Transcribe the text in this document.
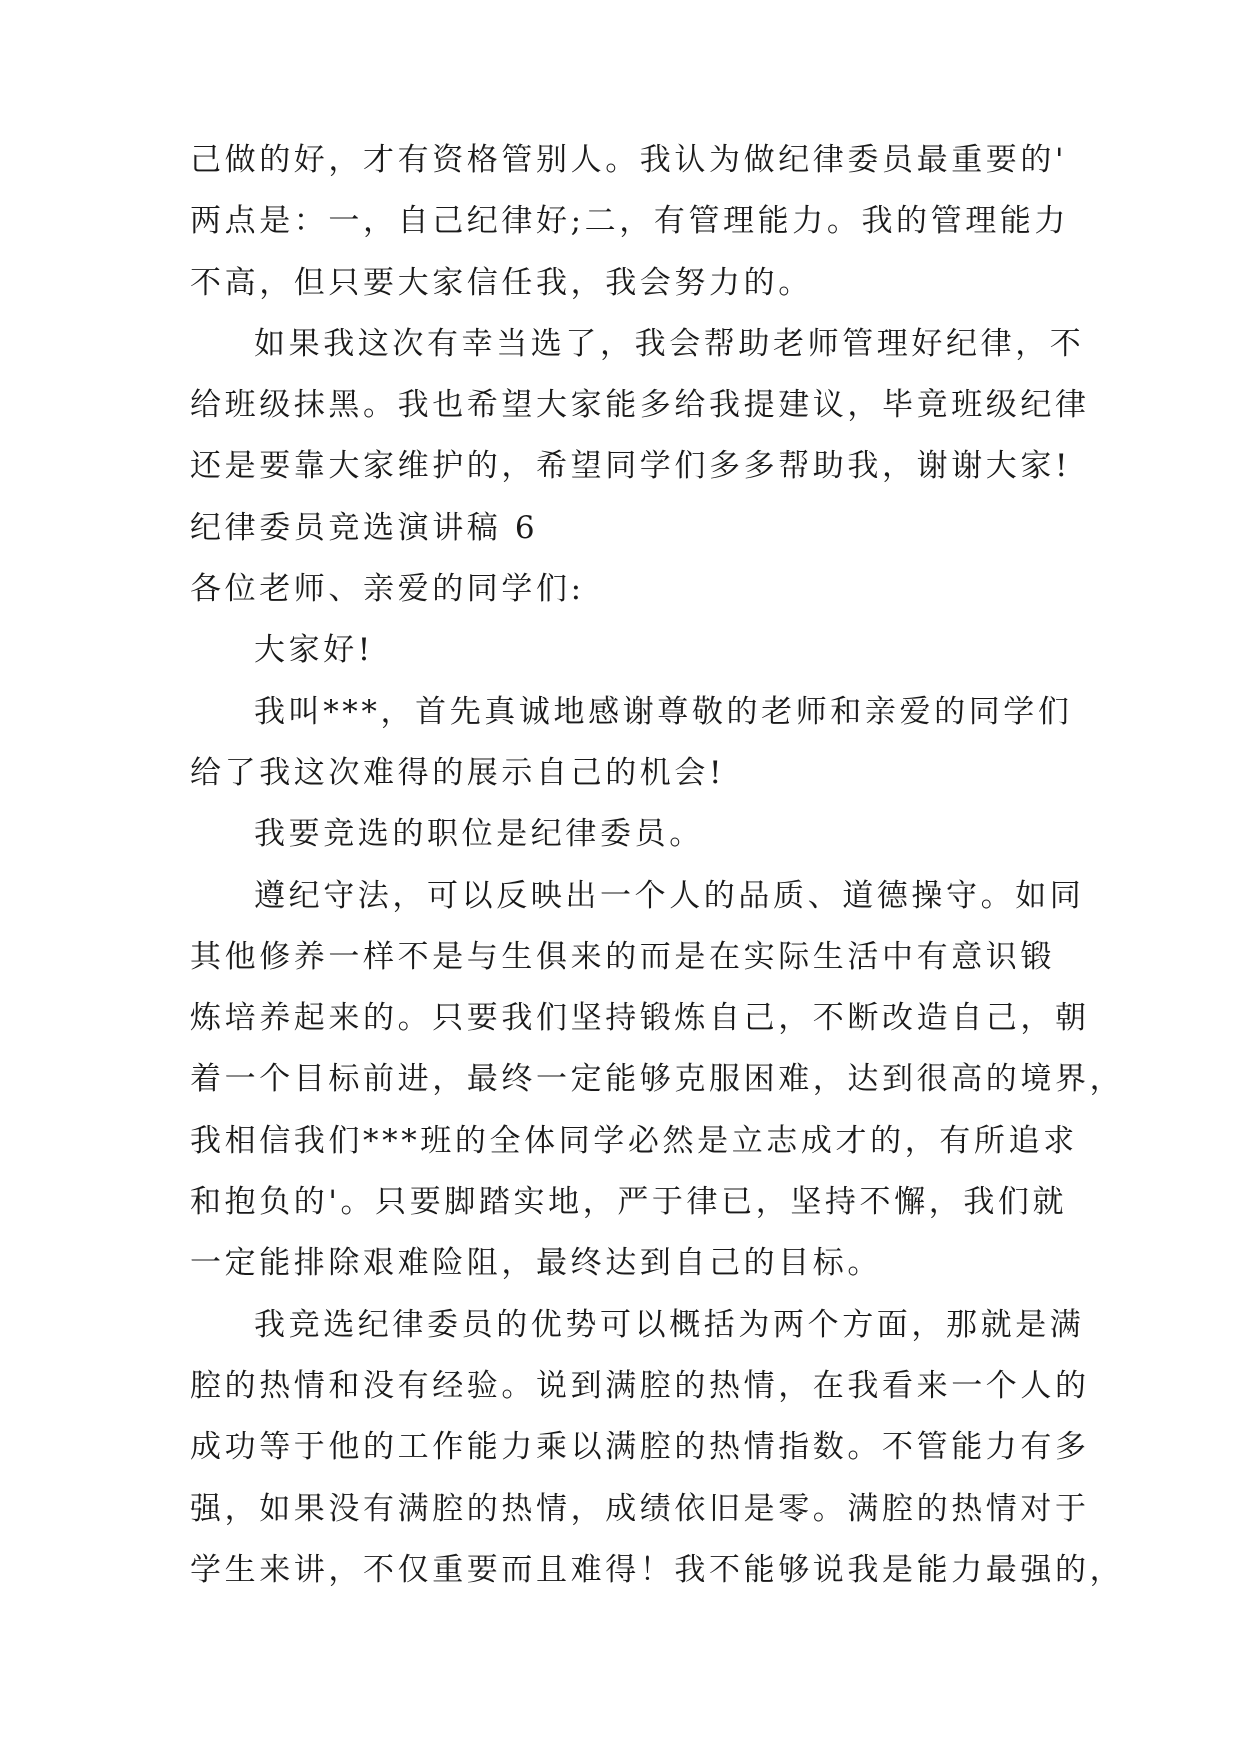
己做的好，才有资格管别人。我认为做纪律委员最重要的'
两点是：一，自己纪律好;二，有管理能力。我的管理能力
不高，但只要大家信任我，我会努力的。
如果我这次有幸当选了，我会帮助老师管理好纪律，不
给班级抹黑。我也希望大家能多给我提建议，毕竟班级纪律
还是要靠大家维护的，希望同学们多多帮助我，谢谢大家!
纪律委员竞选演讲稿 6
各位老师、亲爱的同学们:
大家好!
我叫***，首先真诚地感谢尊敬的老师和亲爱的同学们
给了我这次难得的展示自己的机会!
我要竞选的职位是纪律委员。
遵纪守法，可以反映出一个人的品质、道德操守。如同
其他修养一样不是与生俱来的而是在实际生活中有意识锻
炼培养起来的。只要我们坚持锻炼自己，不断改造自己，朝
着一个目标前进，最终一定能够克服困难，达到很高的境界，
我相信我们***班的全体同学必然是立志成才的，有所追求
和抱负的'。只要脚踏实地，严于律已，坚持不懈，我们就
一定能排除艰难险阻，最终达到自己的目标。
我竞选纪律委员的优势可以概括为两个方面，那就是满
腔的热情和没有经验。说到满腔的热情，在我看来一个人的
成功等于他的工作能力乘以满腔的热情指数。不管能力有多
强，如果没有满腔的热情，成绩依旧是零。满腔的热情对于
学生来讲，不仅重要而且难得！我不能够说我是能力最强的，
